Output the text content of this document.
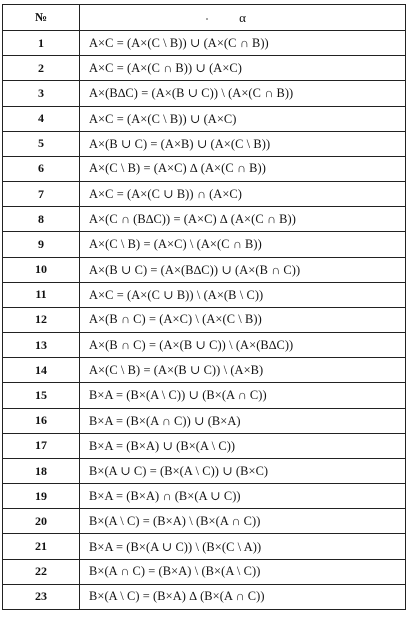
№	α
1	A×C = (A×(C \ B)) ∪ (A×(C ∩ B))
2	A×C = (A×(C ∩ B)) ∪ (A×C)
3	A×(B∆C) = (A×(B ∪ C)) \ (A×(C ∩ B))
4	A×C = (A×(C \ B)) ∪ (A×C)
5	A×(B ∪ C) = (A×B) ∪ (A×(C \ B))
6	A×(C \ B) = (A×C) ∆ (A×(C ∩ B))
7	A×C = (A×(C ∪ B)) ∩ (A×C)
8	A×(C ∩ (B∆C)) = (A×C) ∆ (A×(C ∩ B))
9	A×(C \ B) = (A×C) \ (A×(C ∩ B))
10	A×(B ∪ C) = (A×(B∆C)) ∪ (A×(B ∩ C))
11	A×C = (A×(C ∪ B)) \ (A×(B \ C))
12	A×(B ∩ C) = (A×C) \ (A×(C \ B))
13	A×(B ∩ C) = (A×(B ∪ C)) \ (A×(B∆C))
14	A×(C \ B) = (A×(B ∪ C)) \ (A×B)
15	B×A = (B×(A \ C)) ∪ (B×(A ∩ C))
16	B×A = (B×(A ∩ C)) ∪ (B×A)
17	B×A = (B×A) ∪ (B×(A \ C))
18	B×(A ∪ C) = (B×(A \ C)) ∪ (B×C)
19	B×A = (B×A) ∩ (B×(A ∪ C))
20	B×(A \ C) = (B×A) \ (B×(A ∩ C))
21	B×A = (B×(A ∪ C)) \ (B×(C \ A))
22	B×(A ∩ C) = (B×A) \ (B×(A \ C))
23	B×(A \ C) = (B×A) ∆ (B×(A ∩ C))
